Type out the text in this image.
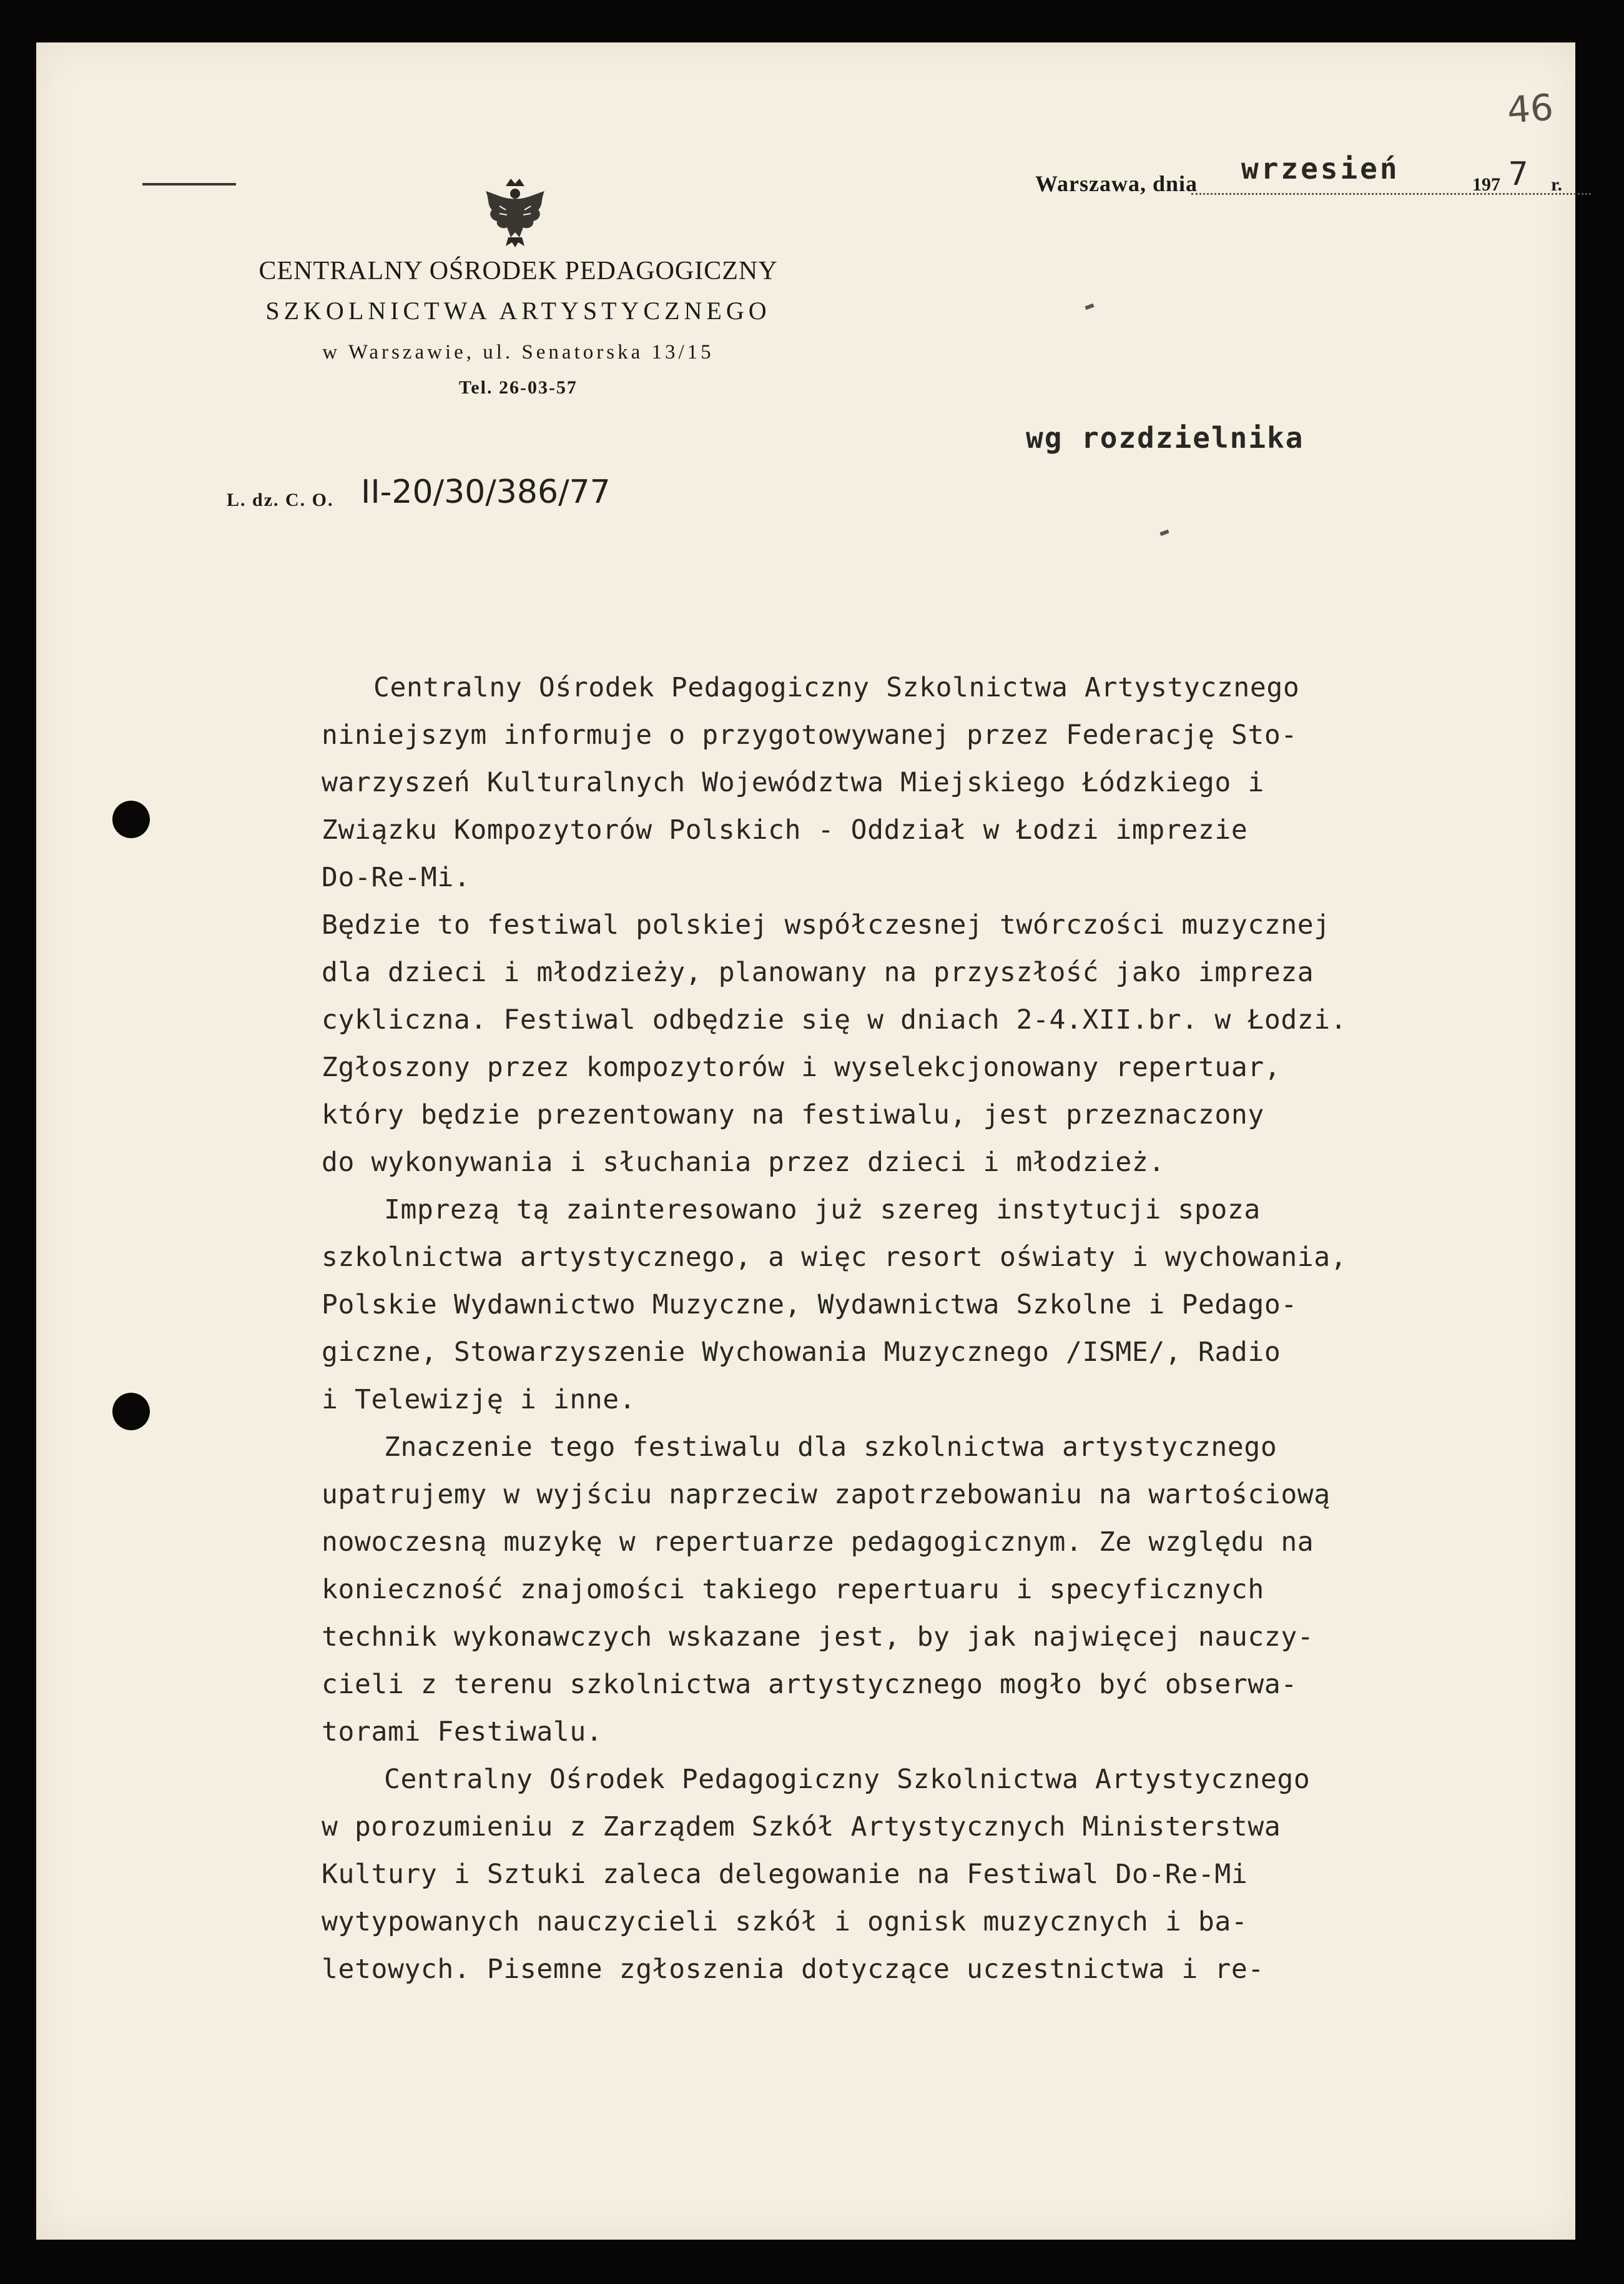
46
Warszawa, dnia wrzesień	197 7 r.
CENTRALNY OŚRODEK PEDAGOGICZNY
SZKOLNICTWA ARTYSTYCZNEGO
w Warszawie, ul. Senatorska 13/15
Tel. 26-03-57
wg rozdzielnika
L. dz. C. O. II-20/30/386/77
Centralny Ośrodek Pedagogiczny Szkolnictwa Artystycznego
niniejszym informuje o przygotowywanej przez Federację Sto-
warzyszeń Kulturalnych Województwa Miejskiego Łódzkiego i
Związku Kompozytorów Polskich - Oddział w Łodzi imprezie
Do-Re-Mi.
Będzie to festiwal polskiej współczesnej twórczości muzycznej
dla dzieci i młodzieży, planowany na przyszłość jako impreza
cykliczna. Festiwal odbędzie się w dniach 2-4.XII.br. w Łodzi.
Zgłoszony przez kompozytorów i wyselekcjonowany repertuar,
który będzie prezentowany na festiwalu, jest przeznaczony
do wykonywania i słuchania przez dzieci i młodzież.
Imprezą tą zainteresowano już szereg instytucji spoza
szkolnictwa artystycznego, a więc resort oświaty i wychowania,
Polskie Wydawnictwo Muzyczne, Wydawnictwa Szkolne i Pedago-
giczne, Stowarzyszenie Wychowania Muzycznego /ISME/, Radio
i Telewizję i inne.
Znaczenie tego festiwalu dla szkolnictwa artystycznego
upatrujemy w wyjściu naprzeciw zapotrzebowaniu na wartościową
nowoczesną muzykę w repertuarze pedagogicznym. Ze względu na
konieczność znajomości takiego repertuaru i specyficznych
technik wykonawczych wskazane jest, by jak najwięcej nauczy-
cieli z terenu szkolnictwa artystycznego mogło być obserwa-
torami Festiwalu.
Centralny Ośrodek Pedagogiczny Szkolnictwa Artystycznego
w porozumieniu z Zarządem Szkół Artystycznych Ministerstwa
Kultury i Sztuki zaleca delegowanie na Festiwal Do-Re-Mi
wytypowanych nauczycieli szkół i ognisk muzycznych i ba-
letowych. Pisemne zgłoszenia dotyczące uczestnictwa i re-
